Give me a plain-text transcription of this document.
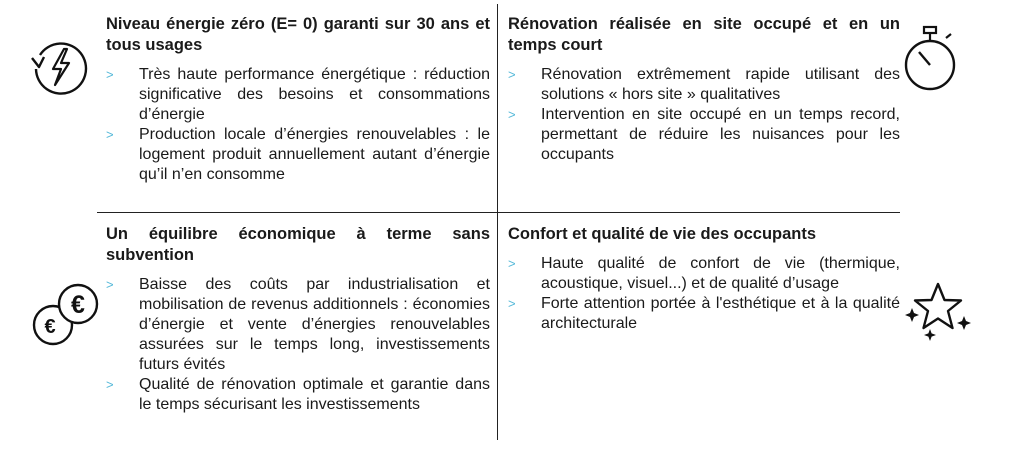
€
€
Niveau énergie zéro (E= 0) garanti sur 30 ans et tous usages
> Très haute performance énergétique : réduction significative des besoins et consommations d’énergie
> Production locale d’énergies renouvelables : le logement produit annuellement autant d’énergie qu’il n’en consomme
Rénovation réalisée en site occupé et en un temps court
> Rénovation extrêmement rapide utilisant des solutions « hors site » qualitatives
> Intervention en site occupé en un temps record, permettant de réduire les nuisances pour les occupants
Un équilibre économique à terme sans subvention
> Baisse des coûts par industrialisation et mobilisation de revenus additionnels : économies d’énergie et vente d’énergies renouvelables assurées sur le temps long, investissements futurs évités
> Qualité de rénovation optimale et garantie dans le temps sécurisant les investissements
Confort et qualité de vie des occupants
> Haute qualité de confort de vie (thermique, acoustique, visuel...) et de qualité d’usage
> Forte attention portée à l'esthétique et à la qualité architecturale
